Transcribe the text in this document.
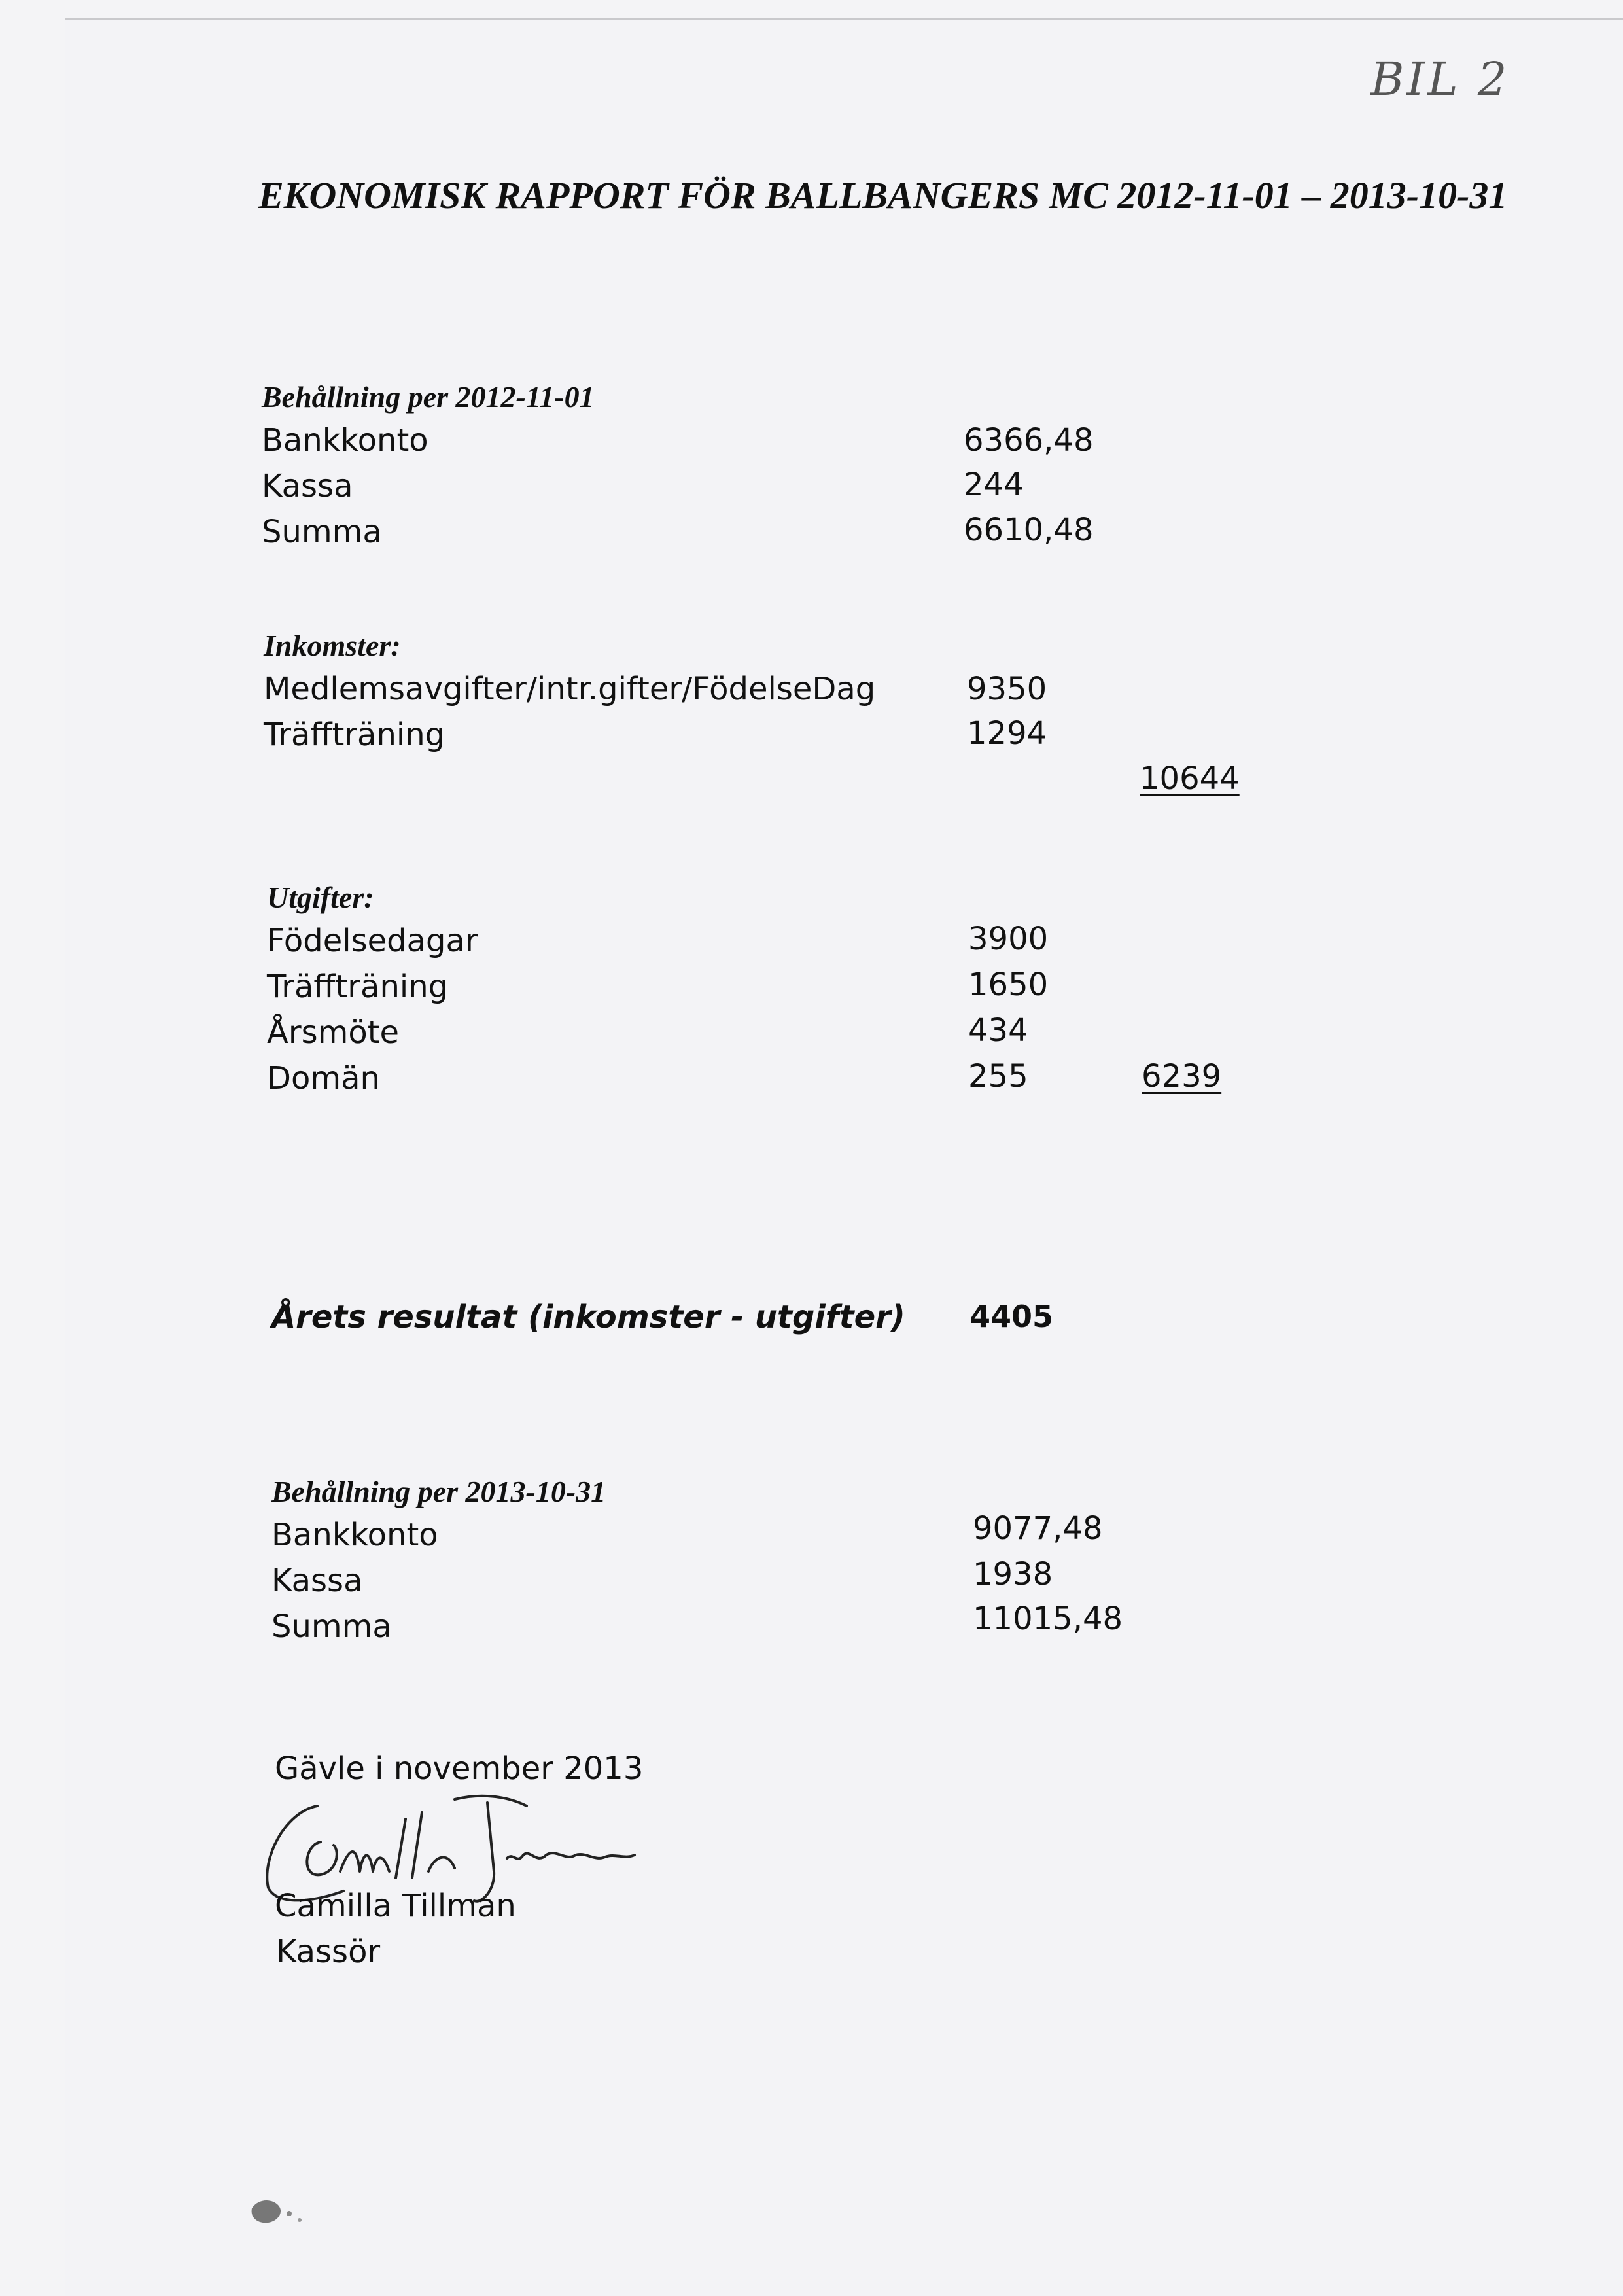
BIL 2
EKONOMISK RAPPORT FÖR BALLBANGERS MC 2012-11-01 – 2013-10-31
Behållning per 2012-11-01
Bankkonto	6366,48
Kassa	244
Summa	6610,48
Inkomster:
Medlemsavgifter/intr.gifter/FödelseDag	9350
Träffträning	1294
10644
Utgifter:
Födelsedagar	3900
Träffträning	1650
Årsmöte	434
Domän	255	6239
Årets resultat (inkomster - utgifter) 4405
Behållning per 2013-10-31
Bankkonto	9077,48
Kassa	1938
Summa	11015,48
Gävle i november 2013
Camilla Tillman
Kassör
